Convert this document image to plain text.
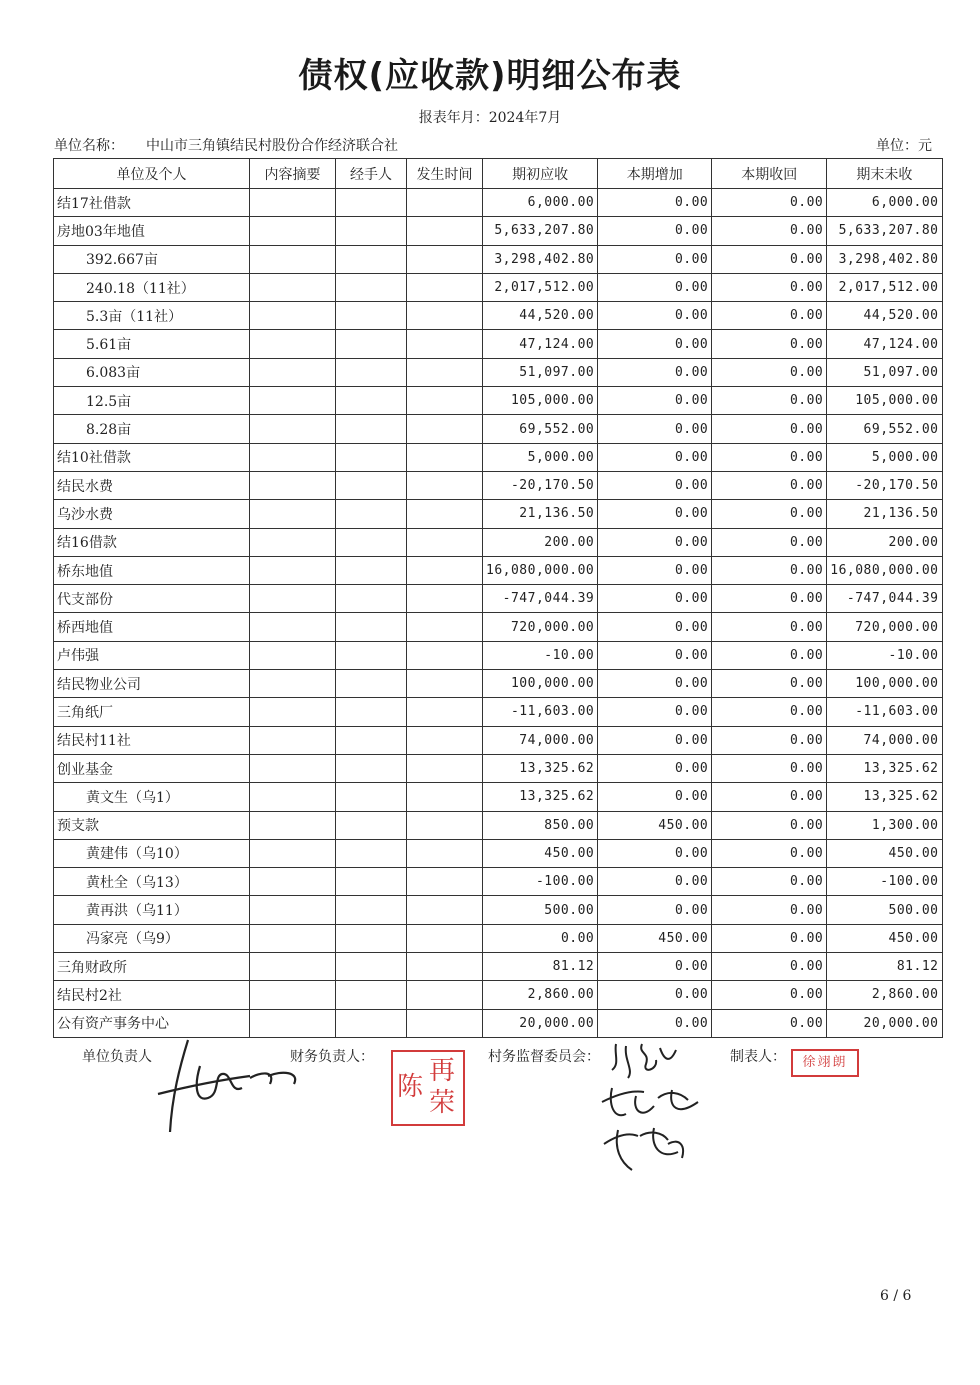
债权(应收款)明细公布表
报表年月：2024年7月
单位名称： 中山市三角镇结民村股份合作经济联合社	单位：元
单位及个人	内容摘要	经手人	发生时间	期初应收	本期增加	本期收回	期末未收
结17社借款				6,000.00	0.00	0.00	6,000.00
房地03年地值				5,633,207.80	0.00	0.00	5,633,207.80
392.667亩				3,298,402.80	0.00	0.00	3,298,402.80
240.18（11社）				2,017,512.00	0.00	0.00	2,017,512.00
5.3亩（11社）				44,520.00	0.00	0.00	44,520.00
5.61亩				47,124.00	0.00	0.00	47,124.00
6.083亩				51,097.00	0.00	0.00	51,097.00
12.5亩				105,000.00	0.00	0.00	105,000.00
8.28亩				69,552.00	0.00	0.00	69,552.00
结10社借款				5,000.00	0.00	0.00	5,000.00
结民水费				-20,170.50	0.00	0.00	-20,170.50
乌沙水费				21,136.50	0.00	0.00	21,136.50
结16借款				200.00	0.00	0.00	200.00
桥东地值				16,080,000.00	0.00	0.00	16,080,000.00
代支部份				-747,044.39	0.00	0.00	-747,044.39
桥西地值				720,000.00	0.00	0.00	720,000.00
卢伟强				-10.00	0.00	0.00	-10.00
结民物业公司				100,000.00	0.00	0.00	100,000.00
三角纸厂				-11,603.00	0.00	0.00	-11,603.00
结民村11社				74,000.00	0.00	0.00	74,000.00
创业基金				13,325.62	0.00	0.00	13,325.62
黄文生（乌1）				13,325.62	0.00	0.00	13,325.62
预支款				850.00	450.00	0.00	1,300.00
黄建伟（乌10）				450.00	0.00	0.00	450.00
黄杜全（乌13）				-100.00	0.00	0.00	-100.00
黄再洪（乌11）				500.00	0.00	0.00	500.00
冯家亮（乌9）				0.00	450.00	0.00	450.00
三角财政所				81.12	0.00	0.00	81.12
结民村2社				2,860.00	0.00	0.00	2,860.00
公有资产事务中心				20,000.00	0.00	0.00	20,000.00
单位负责人	财务负责人：	村务监督委员会：	制表人：
再
荣
陈
徐翊朗
6 / 6
